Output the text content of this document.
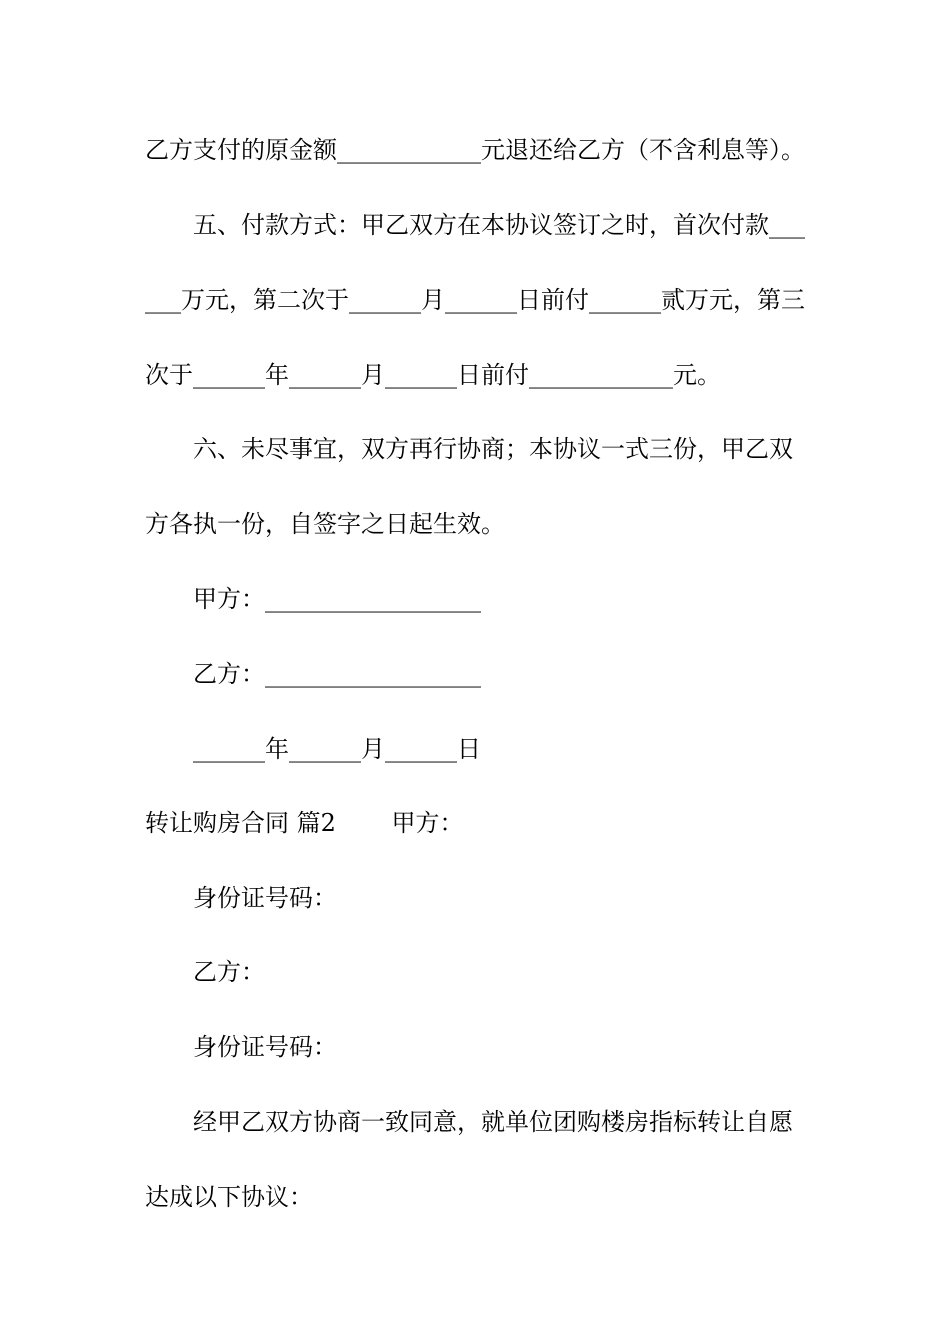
乙方支付的原金额____________元退还给乙方（不含利息等）。
五、付款方式：甲乙双方在本协议签订之时，首次付款___
___万元，第二次于______月______日前付______贰万元，第三
次于______年______月______日前付____________元。
六、未尽事宜，双方再行协商；本协议一式三份，甲乙双
方各执一份，自签字之日起生效。
甲方：__________________
乙方：__________________
______年______月______日
转让购房合同 篇2　　 甲方：
身份证号码：
乙方：
身份证号码：
经甲乙双方协商一致同意，就单位团购楼房指标转让自愿
达成以下协议：
